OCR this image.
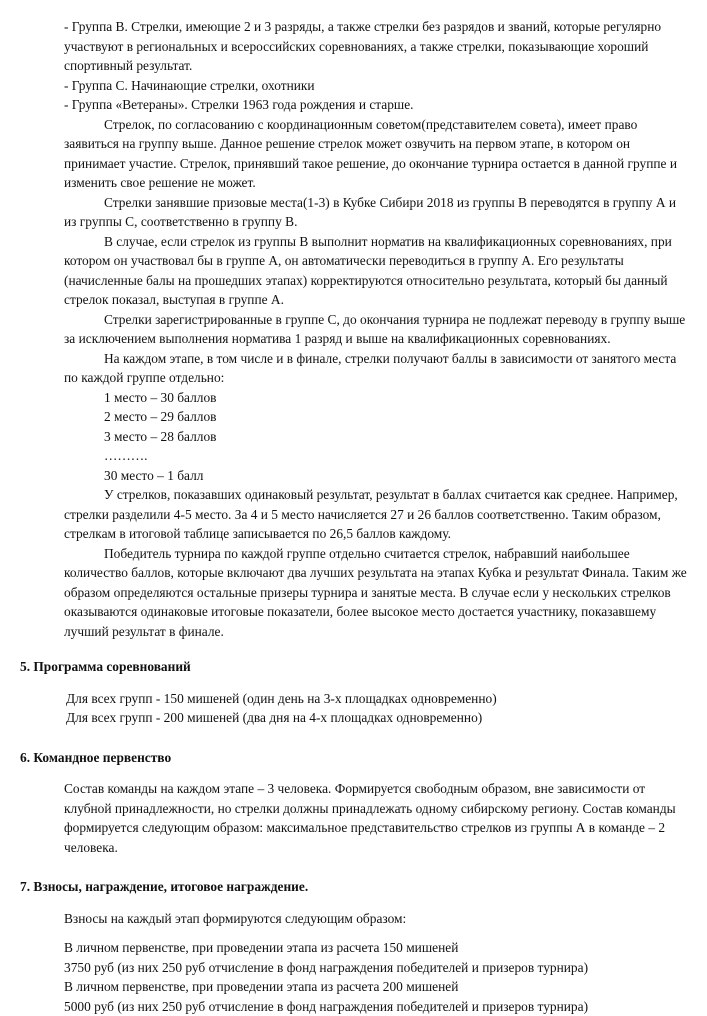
- Группа В. Стрелки, имеющие 2 и 3 разряды, а также стрелки без разрядов и званий, которые регулярно участвуют в региональных и всероссийских соревнованиях, а также стрелки, показывающие хороший спортивный результат.

- Группа С. Начинающие стрелки, охотники

- Группа «Ветераны». Стрелки 1963 года рождения и старше.

Стрелок, по согласованию с координационным советом(представителем совета), имеет право заявиться на группу выше. Данное решение стрелок может озвучить на первом этапе, в котором он принимает участие. Стрелок, принявший такое решение, до окончание турнира остается в данной группе и изменить свое решение не может.

Стрелки занявшие призовые места(1-3) в Кубке Сибири 2018 из группы В переводятся в группу А и из группы С, соответственно в группу В.

В случае, если стрелок из группы В выполнит норматив на квалификационных соревнованиях, при котором он участвовал бы в группе А, он автоматически переводиться в группу А. Его результаты (начисленные балы на прошедших этапах) корректируются относительно результата, который бы данный стрелок показал, выступая в группе А.

Стрелки зарегистрированные в группе С, до окончания турнира не подлежат переводу в группу выше за исключением выполнения норматива 1 разряд и выше на квалификационных соревнованиях.

На каждом этапе, в том числе и в финале, стрелки получают баллы в зависимости от занятого места по каждой группе отдельно:

1 место – 30 баллов

2 место – 29 баллов

3 место – 28 баллов

……….

30 место – 1 балл

У стрелков, показавших одинаковый результат, результат в баллах считается как среднее. Например, стрелки разделили 4-5 место. За 4 и 5 место начисляется 27 и 26 баллов соответственно. Таким образом, стрелкам в итоговой таблице записывается по 26,5 баллов каждому.

Победитель турнира по каждой группе отдельно считается стрелок, набравший наибольшее количество баллов, которые включают два лучших результата на этапах Кубка и результат Финала. Таким же образом определяются остальные призеры турнира и занятые места. В случае если у нескольких стрелков оказываются одинаковые итоговые показатели, более высокое место достается участнику, показавшему лучший результат в финале.

5. Программа соревнований

Для всех групп - 150 мишеней (один день на 3-х площадках одновременно)

Для всех групп - 200 мишеней (два дня на 4-х площадках одновременно)

6. Командное первенство

Состав команды на каждом этапе – 3 человека. Формируется свободным образом, вне зависимости от клубной принадлежности, но стрелки должны принадлежать одному сибирскому региону. Состав команды формируется следующим образом: максимальное представительство стрелков из группы А в команде – 2 человека.

7. Взносы, награждение, итоговое награждение.

Взносы на каждый этап формируются следующим образом:

В личном первенстве, при проведении этапа из расчета 150 мишеней

3750 руб (из них 250 руб отчисление в фонд награждения победителей и призеров турнира)

В личном первенстве, при проведении этапа из расчета 200 мишеней

5000 руб (из них 250 руб отчисление в фонд награждения победителей и призеров турнира)
